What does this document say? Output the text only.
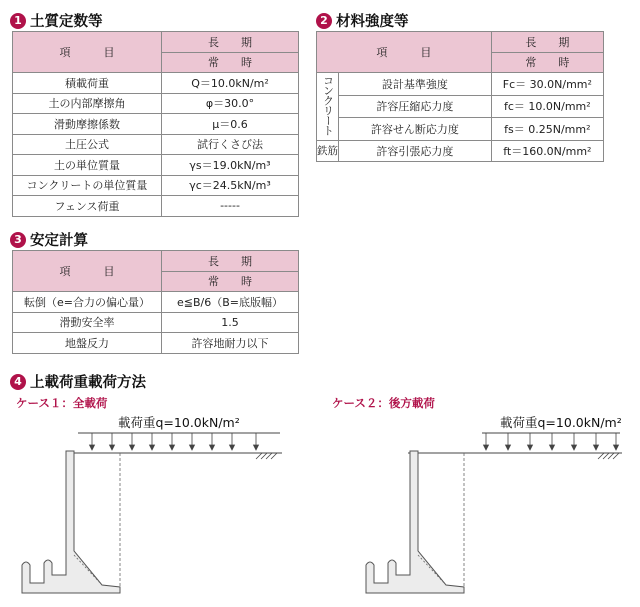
1 土質定数等
項　　　目	長　　期
	常　　時
積載荷重	Q＝10.0kN/m²
土の内部摩擦角	φ＝30.0°
滑動摩擦係数	μ＝0.6
土圧公式	試行くさび法
土の単位質量	γs＝19.0kN/m³
コンクリートの単位質量	γc＝24.5kN/m³
フェンス荷重	-----
2 材料強度等
項　　　目		長　　期
		常　　時
コンクリート	設計基準強度	Fc＝ 30.0N/mm²
	許容圧縮応力度	fc＝ 10.0N/mm²
	許容せん断応力度	fs＝ 0.25N/mm²
鉄筋	許容引張応力度	ft＝160.0N/mm²
3 安定計算
項　　　目	長　　期
	常　　時
転倒（e=合力の偏心量）	e≦B/6（B=底版幅）
滑動安全率	1.5
地盤反力	許容地耐力以下
4 上載荷重載荷方法
ケース１：全載荷	ケース２：後方載荷
載荷重q=10.0kN/m²	載荷重q=10.0kN/m²
